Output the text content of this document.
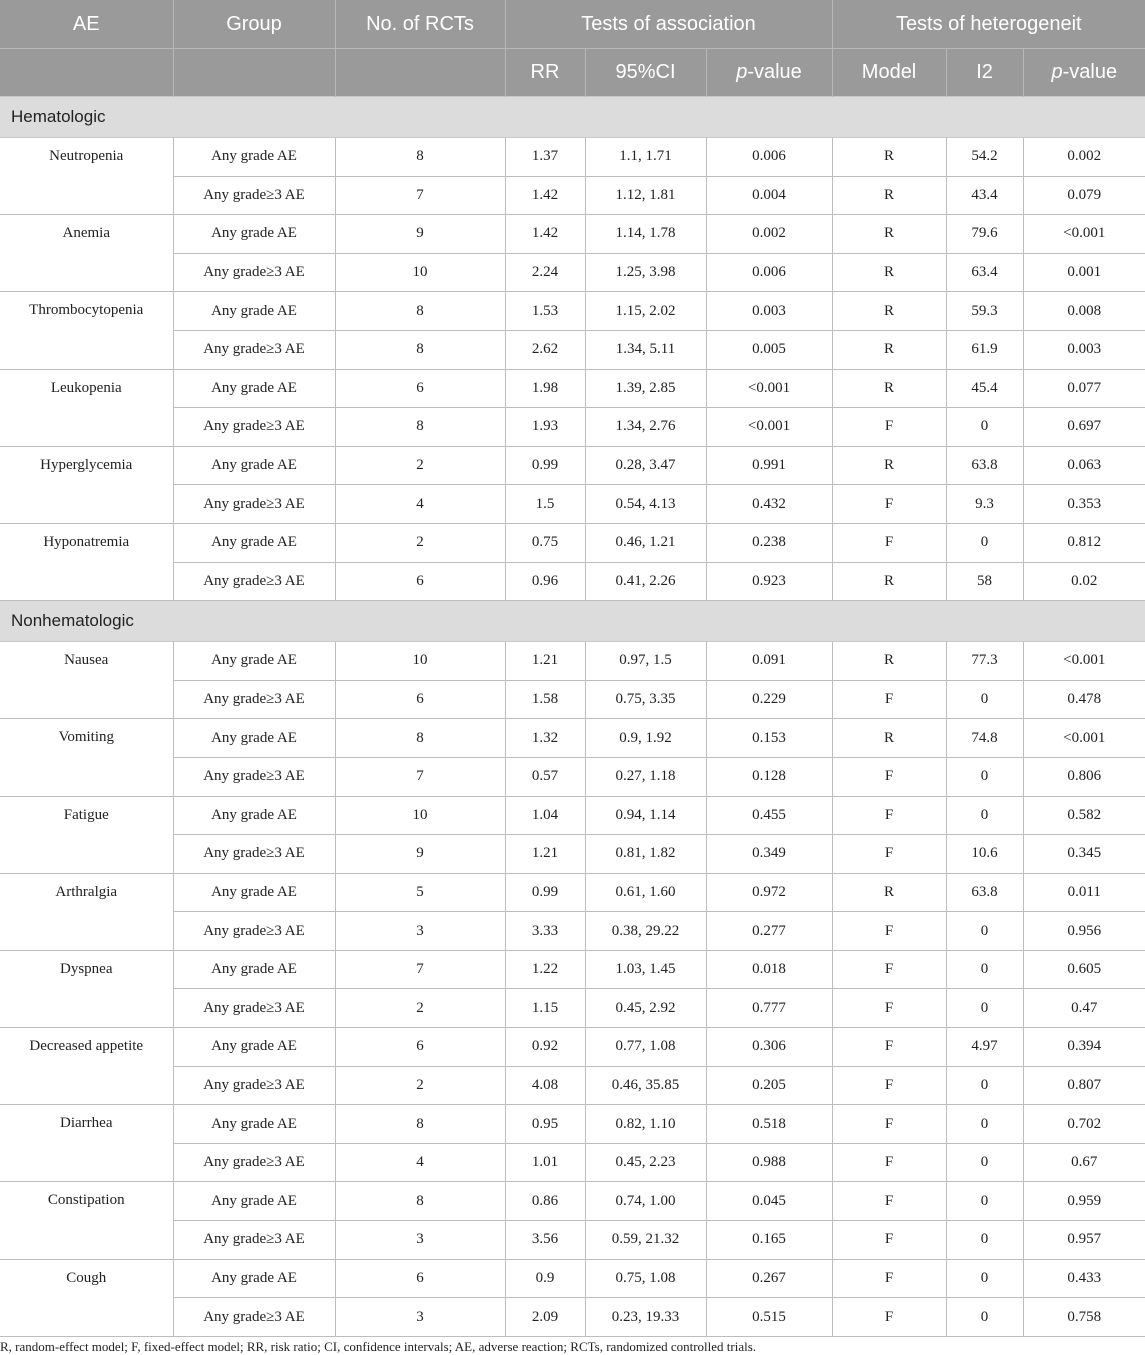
AE	Group	No. of RCTs	Tests of association			Tests of heterogeneit		
			RR	95%CI	p-value	Model	I2	p-value
Hematologic								
Neutropenia	Any grade AE	8	1.37	1.1, 1.71	0.006	R	54.2	0.002
	Any grade≥3 AE	7	1.42	1.12, 1.81	0.004	R	43.4	0.079
Anemia	Any grade AE	9	1.42	1.14, 1.78	0.002	R	79.6	<0.001
	Any grade≥3 AE	10	2.24	1.25, 3.98	0.006	R	63.4	0.001
Thrombocytopenia	Any grade AE	8	1.53	1.15, 2.02	0.003	R	59.3	0.008
	Any grade≥3 AE	8	2.62	1.34, 5.11	0.005	R	61.9	0.003
Leukopenia	Any grade AE	6	1.98	1.39, 2.85	<0.001	R	45.4	0.077
	Any grade≥3 AE	8	1.93	1.34, 2.76	<0.001	F	0	0.697
Hyperglycemia	Any grade AE	2	0.99	0.28, 3.47	0.991	R	63.8	0.063
	Any grade≥3 AE	4	1.5	0.54, 4.13	0.432	F	9.3	0.353
Hyponatremia	Any grade AE	2	0.75	0.46, 1.21	0.238	F	0	0.812
	Any grade≥3 AE	6	0.96	0.41, 2.26	0.923	R	58	0.02
Nonhematologic								
Nausea	Any grade AE	10	1.21	0.97, 1.5	0.091	R	77.3	<0.001
	Any grade≥3 AE	6	1.58	0.75, 3.35	0.229	F	0	0.478
Vomiting	Any grade AE	8	1.32	0.9, 1.92	0.153	R	74.8	<0.001
	Any grade≥3 AE	7	0.57	0.27, 1.18	0.128	F	0	0.806
Fatigue	Any grade AE	10	1.04	0.94, 1.14	0.455	F	0	0.582
	Any grade≥3 AE	9	1.21	0.81, 1.82	0.349	F	10.6	0.345
Arthralgia	Any grade AE	5	0.99	0.61, 1.60	0.972	R	63.8	0.011
	Any grade≥3 AE	3	3.33	0.38, 29.22	0.277	F	0	0.956
Dyspnea	Any grade AE	7	1.22	1.03, 1.45	0.018	F	0	0.605
	Any grade≥3 AE	2	1.15	0.45, 2.92	0.777	F	0	0.47
Decreased appetite	Any grade AE	6	0.92	0.77, 1.08	0.306	F	4.97	0.394
	Any grade≥3 AE	2	4.08	0.46, 35.85	0.205	F	0	0.807
Diarrhea	Any grade AE	8	0.95	0.82, 1.10	0.518	F	0	0.702
	Any grade≥3 AE	4	1.01	0.45, 2.23	0.988	F	0	0.67
Constipation	Any grade AE	8	0.86	0.74, 1.00	0.045	F	0	0.959
	Any grade≥3 AE	3	3.56	0.59, 21.32	0.165	F	0	0.957
Cough	Any grade AE	6	0.9	0.75, 1.08	0.267	F	0	0.433
	Any grade≥3 AE	3	2.09	0.23, 19.33	0.515	F	0	0.758
R, random-effect model; F, fixed-effect model; RR, risk ratio; CI, confidence intervals; AE, adverse reaction; RCTs, randomized controlled trials.
